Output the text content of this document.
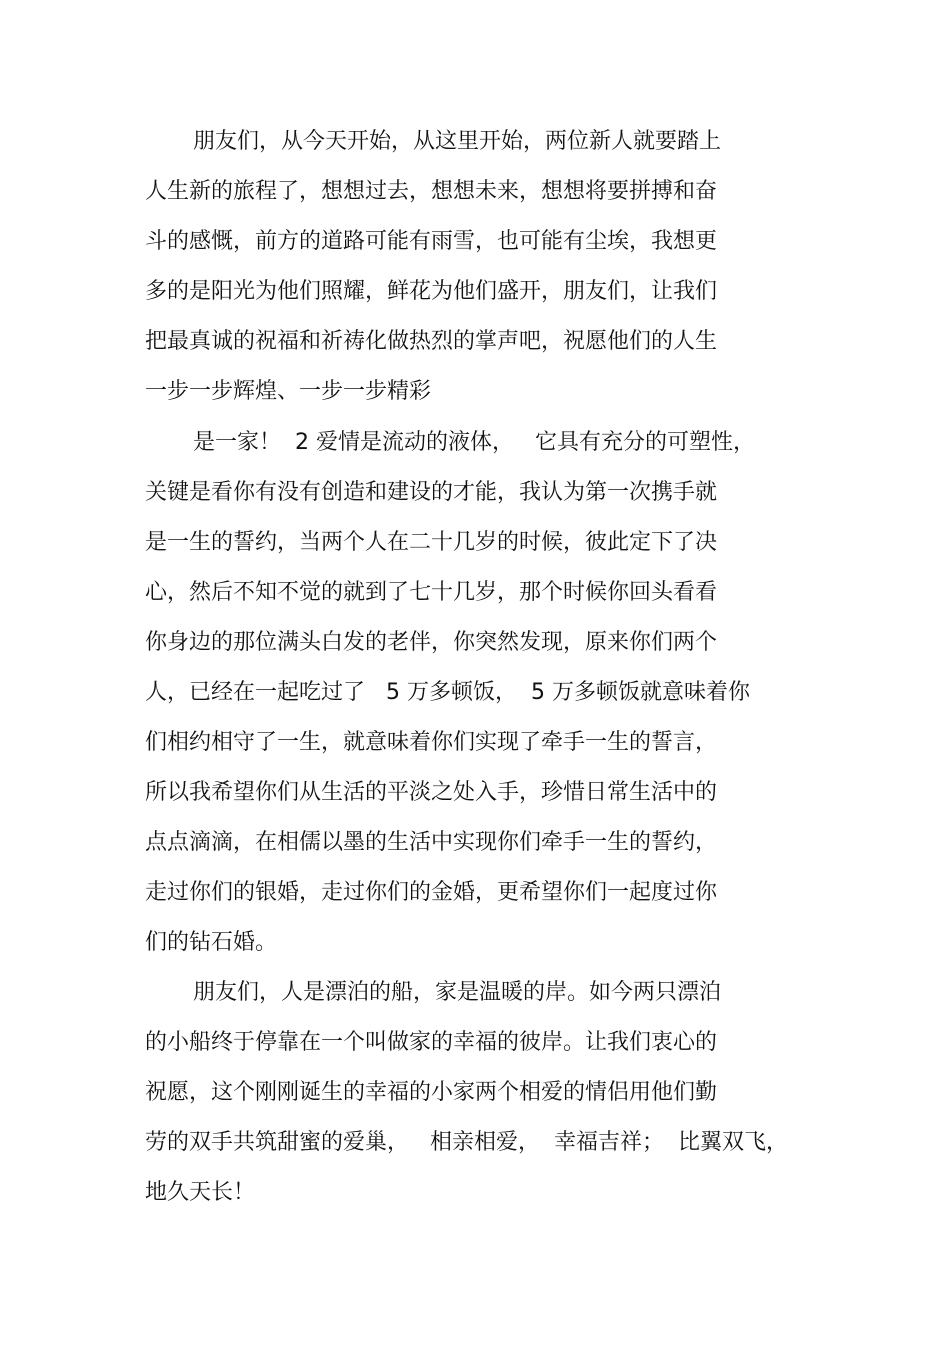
朋友们，从今天开始，从这里开始，两位新人就要踏上
人生新的旅程了，想想过去，想想未来，想想将要拼搏和奋
斗的感慨，前方的道路可能有雨雪，也可能有尘埃，我想更
多的是阳光为他们照耀，鲜花为他们盛开，朋友们，让我们
把最真诚的祝福和祈祷化做热烈的掌声吧，祝愿他们的人生
一步一步辉煌、一步一步精彩
是一家！  2 爱情是流动的液体，   它具有充分的可塑性，
关键是看你有没有创造和建设的才能，我认为第一次携手就
是一生的誓约，当两个人在二十几岁的时候，彼此定下了决
心，然后不知不觉的就到了七十几岁，那个时候你回头看看
你身边的那位满头白发的老伴，你突然发现，原来你们两个
人，已经在一起吃过了   5 万多顿饭，  5 万多顿饭就意味着你
们相约相守了一生，就意味着你们实现了牵手一生的誓言，
所以我希望你们从生活的平淡之处入手，珍惜日常生活中的
点点滴滴，在相儒以墨的生活中实现你们牵手一生的誓约，
走过你们的银婚，走过你们的金婚，更希望你们一起度过你
们的钻石婚。
朋友们，人是漂泊的船，家是温暖的岸。如今两只漂泊
的小船终于停靠在一个叫做家的幸福的彼岸。让我们衷心的
祝愿，这个刚刚诞生的幸福的小家两个相爱的情侣用他们勤
劳的双手共筑甜蜜的爱巢，   相亲相爱，  幸福吉祥；  比翼双飞，
地久天长！
